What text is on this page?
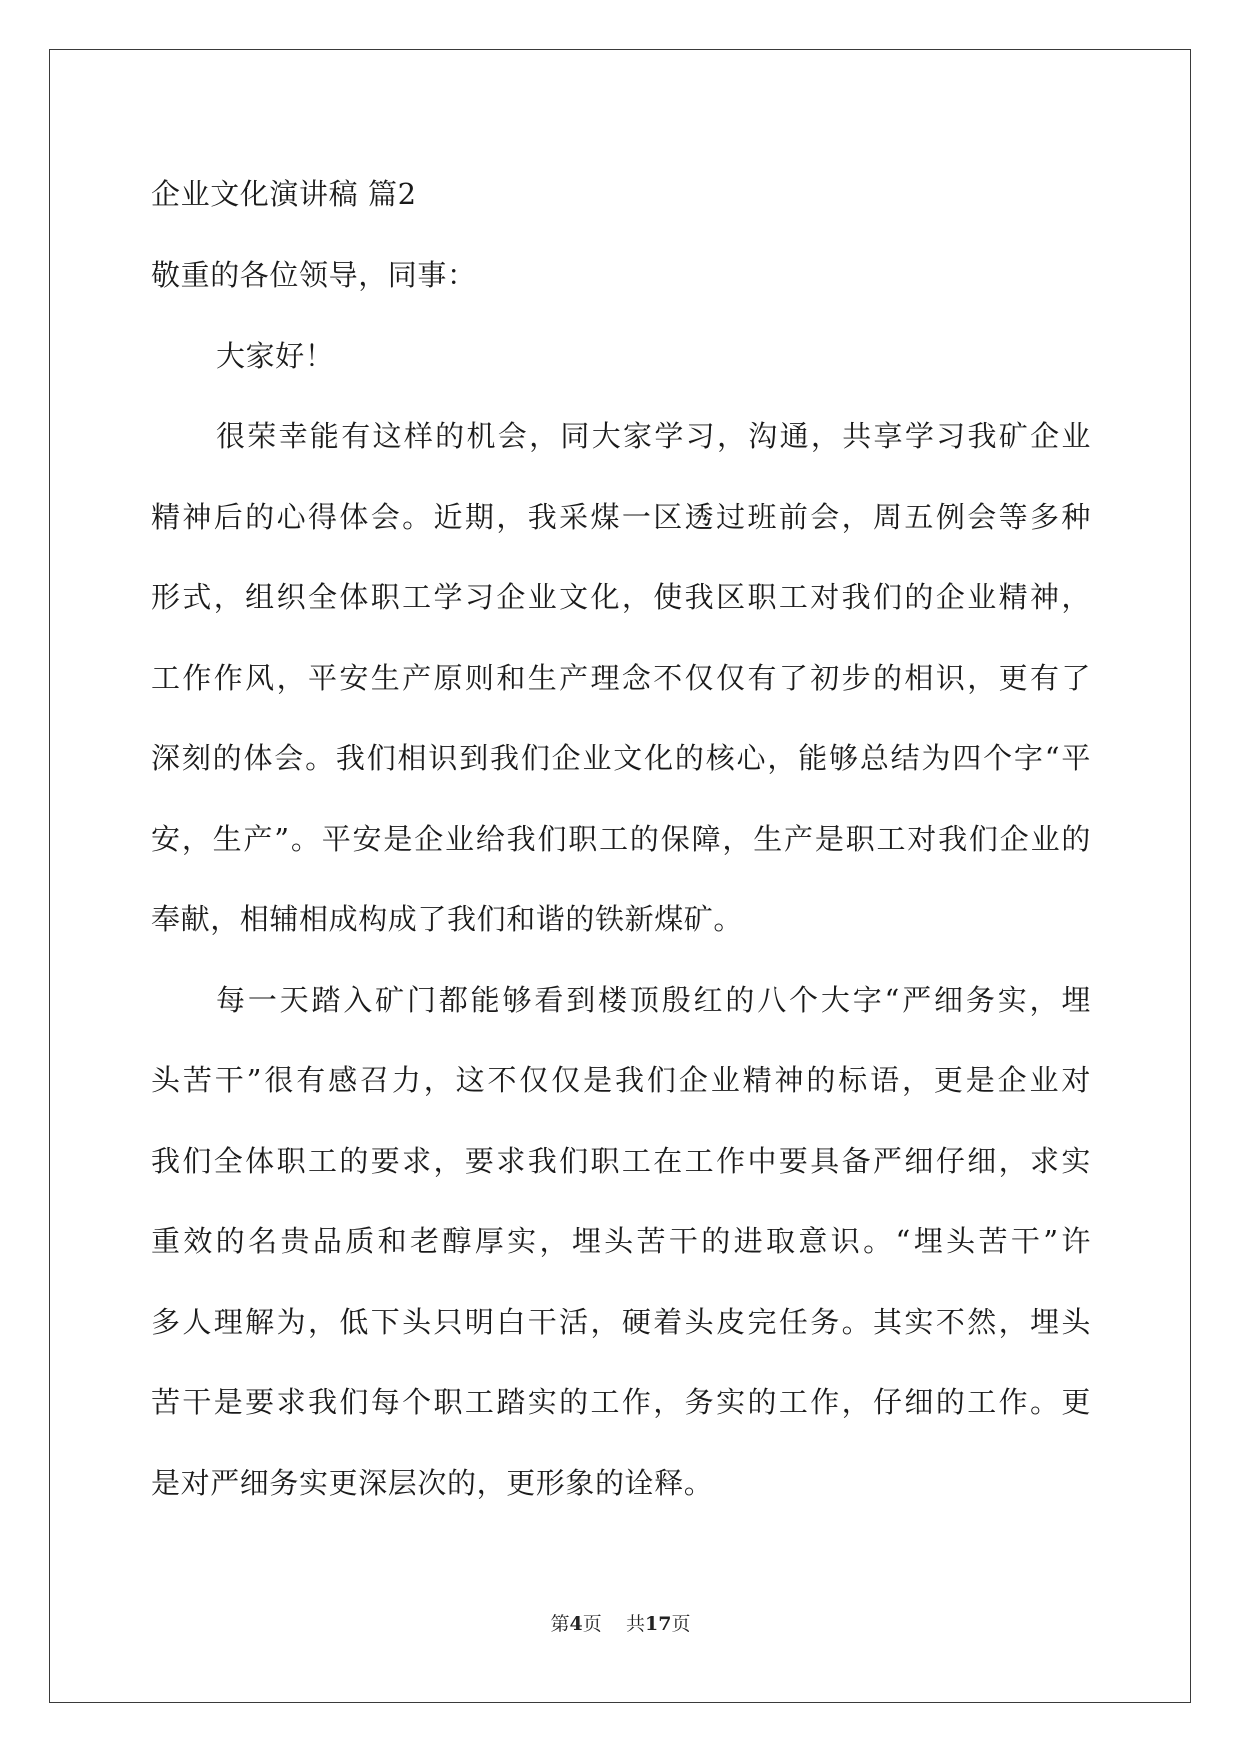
企业文化演讲稿 篇2
敬重的各位领导，同事：
大家好！
很荣幸能有这样的机会，同大家学习，沟通，共享学习我矿企业
精神后的心得体会。近期，我采煤一区透过班前会，周五例会等多种
形式，组织全体职工学习企业文化，使我区职工对我们的企业精神，
工作作风，平安生产原则和生产理念不仅仅有了初步的相识，更有了
深刻的体会。我们相识到我们企业文化的核心，能够总结为四个字“平
安，生产”。平安是企业给我们职工的保障，生产是职工对我们企业的
奉献，相辅相成构成了我们和谐的铁新煤矿。
每一天踏入矿门都能够看到楼顶殷红的八个大字“严细务实，埋
头苦干”很有感召力，这不仅仅是我们企业精神的标语，更是企业对
我们全体职工的要求，要求我们职工在工作中要具备严细仔细，求实
重效的名贵品质和老醇厚实，埋头苦干的进取意识。“埋头苦干”许
多人理解为，低下头只明白干活，硬着头皮完任务。其实不然，埋头
苦干是要求我们每个职工踏实的工作，务实的工作，仔细的工作。更
是对严细务实更深层次的，更形象的诠释。
第4页 共17页
